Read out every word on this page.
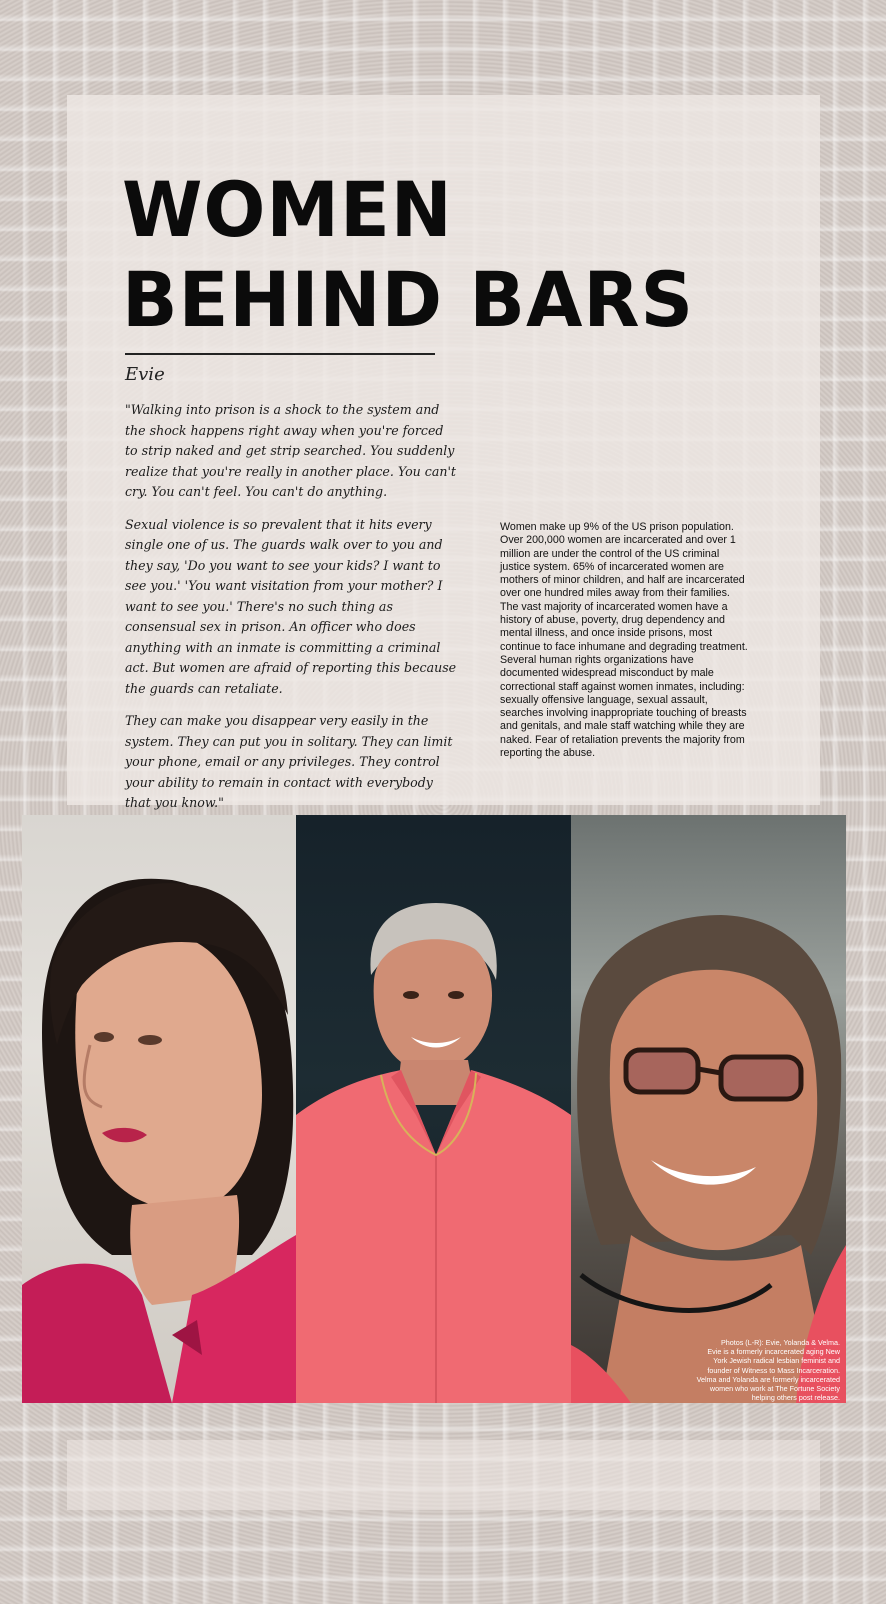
WOMEN
BEHIND BARS
Evie

"Walking into prison is a shock to the system and the shock happens right away when you're forced to strip naked and get strip searched. You suddenly realize that you're really in another place. You can't cry. You can't feel. You can't do anything.

Sexual violence is so prevalent that it hits every single one of us. The guards walk over to you and they say, 'Do you want to see your kids? I want to see you.' 'You want visitation from your mother? I want to see you.' There's no such thing as consensual sex in prison. An officer who does anything with an inmate is committing a criminal act. But women are afraid of reporting this because the guards can retaliate.

They can make you disappear very easily in the system. They can put you in solitary. They can limit your phone, email or any privileges. They control your ability to remain in contact with everybody that you know."

Women make up 9% of the US prison population. Over 200,000 women are incarcerated and over 1 million are under the control of the US criminal justice system. 65% of incarcerated women are mothers of minor children, and half are incarcerated over one hundred miles away from their families. The vast majority of incarcerated women have a history of abuse, poverty, drug dependency and mental illness, and once inside prisons, most continue to face inhumane and degrading treatment. Several human rights organizations have documented widespread misconduct by male correctional staff against women inmates, including: sexually offensive language, sexual assault, searches involving inappropriate touching of breasts and genitals, and male staff watching while they are naked. Fear of retaliation prevents the majority from reporting the abuse.
Photos (L-R): Evie, Yolanda & Velma.
Evie is a formerly incarcerated aging New
York Jewish radical lesbian feminist and
founder of Witness to Mass Incarceration.
Velma and Yolanda are formerly incarcerated
women who work at The Fortune Society
helping others post release.
